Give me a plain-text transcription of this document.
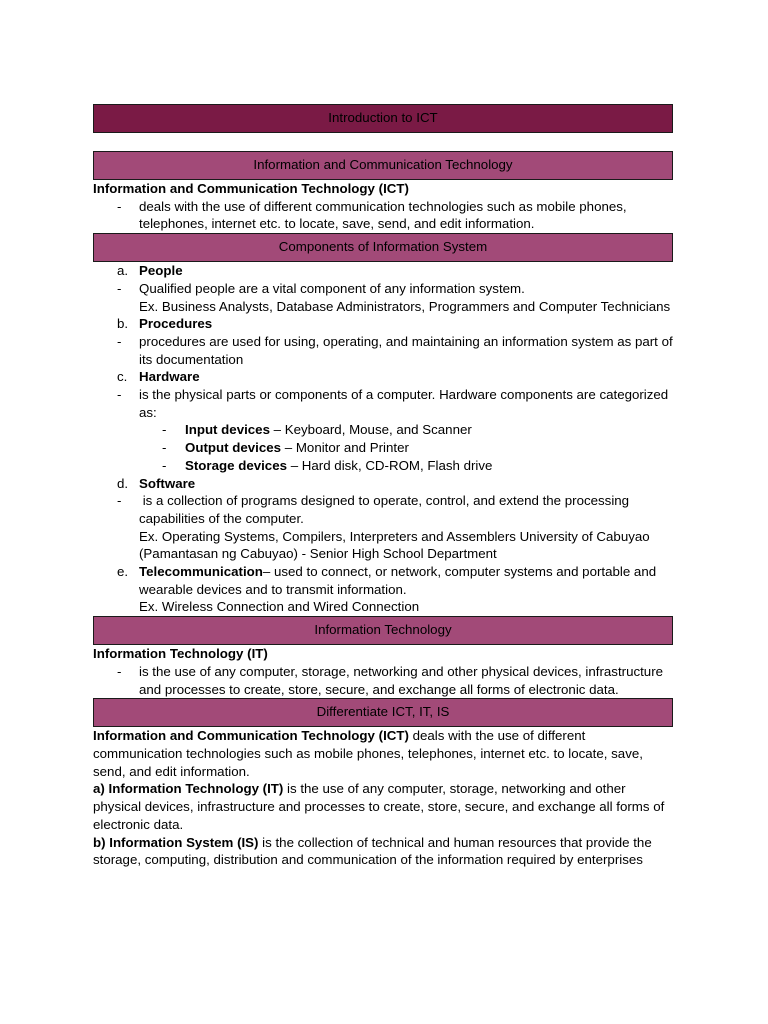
Introduction to ICT
Information and Communication Technology
Information and Communication Technology (ICT)
-	deals with the use of different communication technologies such as mobile phones, telephones, internet etc. to locate, save, send, and edit information.
Components of Information System
a. People
-	Qualified people are a vital component of any information system.
Ex. Business Analysts, Database Administrators, Programmers and Computer Technicians
b. Procedures
-	procedures are used for using, operating, and maintaining an information system as part of its documentation
c. Hardware
-	is the physical parts or components of a computer. Hardware components are categorized as:
-	Input devices – Keyboard, Mouse, and Scanner
-	Output devices – Monitor and Printer
-	Storage devices – Hard disk, CD-ROM, Flash drive
d. Software
-	is a collection of programs designed to operate, control, and extend the processing capabilities of the computer.
Ex. Operating Systems, Compilers, Interpreters and Assemblers University of Cabuyao (Pamantasan ng Cabuyao) - Senior High School Department
e. Telecommunication– used to connect, or network, computer systems and portable and wearable devices and to transmit information.
Ex. Wireless Connection and Wired Connection
Information Technology
Information Technology (IT)
-	is the use of any computer, storage, networking and other physical devices, infrastructure and processes to create, store, secure, and exchange all forms of electronic data.
Differentiate ICT, IT, IS
Information and Communication Technology (ICT) deals with the use of different communication technologies such as mobile phones, telephones, internet etc. to locate, save, send, and edit information.
a) Information Technology (IT) is the use of any computer, storage, networking and other physical devices, infrastructure and processes to create, store, secure, and exchange all forms of electronic data.
b) Information System (IS) is the collection of technical and human resources that provide the storage, computing, distribution and communication of the information required by enterprises
